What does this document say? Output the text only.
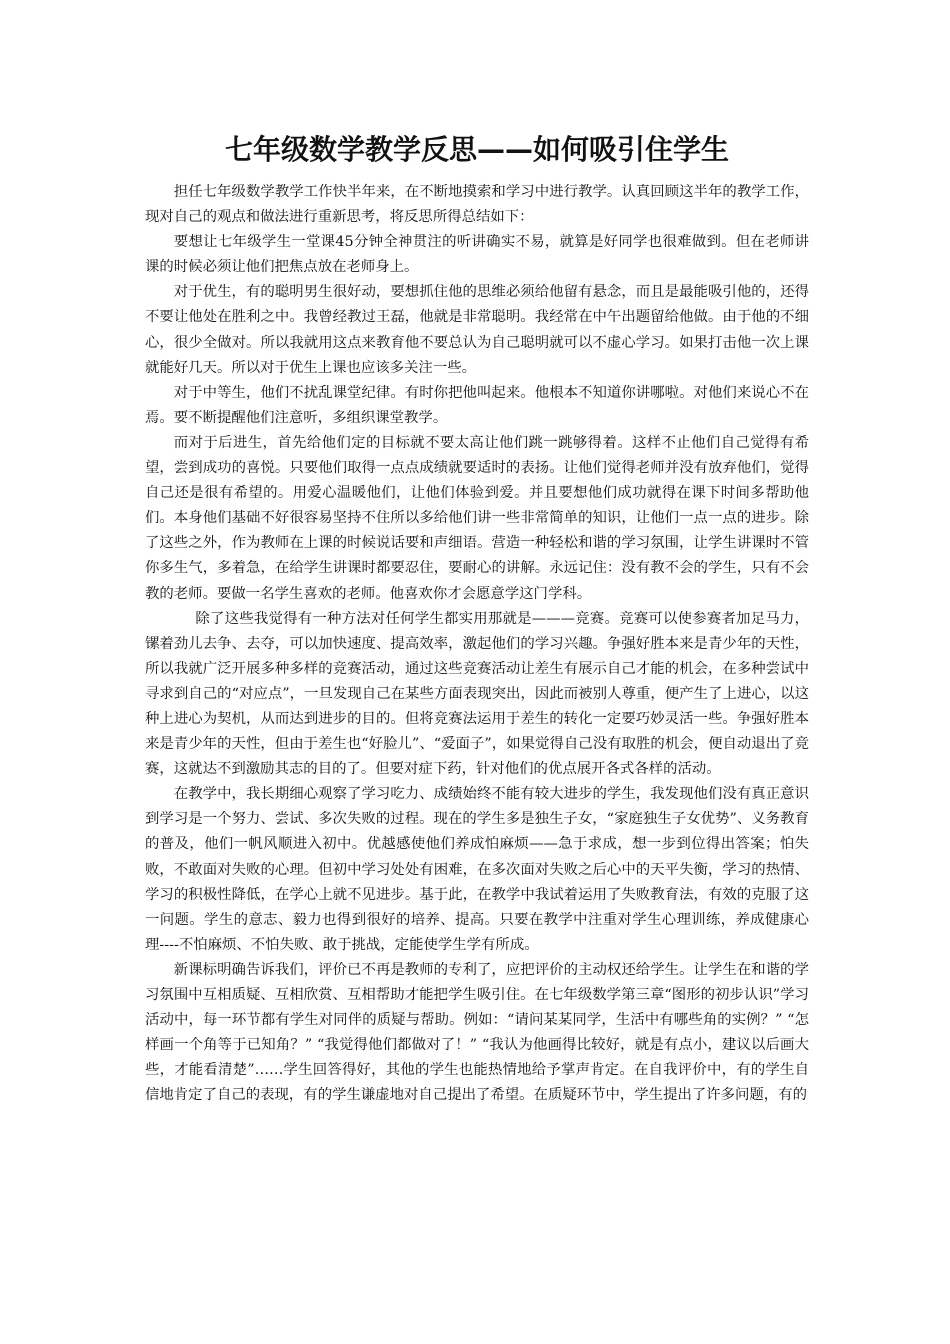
七年级数学教学反思——如何吸引住学生

担任七年级数学教学工作快半年来，在不断地摸索和学习中进行教学。认真回顾这半年的教学工作，现对自己的观点和做法进行重新思考，将反思所得总结如下：

要想让七年级学生一堂课45分钟全神贯注的听讲确实不易，就算是好同学也很难做到。但在老师讲课的时候必须让他们把焦点放在老师身上。

对于优生，有的聪明男生很好动，要想抓住他的思维必须给他留有悬念，而且是最能吸引他的，还得不要让他处在胜利之中。我曾经教过王磊，他就是非常聪明。我经常在中午出题留给他做。由于他的不细心，很少全做对。所以我就用这点来教育他不要总认为自己聪明就可以不虚心学习。如果打击他一次上课就能好几天。所以对于优生上课也应该多关注一些。

对于中等生，他们不扰乱课堂纪律。有时你把他叫起来。他根本不知道你讲哪啦。对他们来说心不在焉。要不断提醒他们注意听，多组织课堂教学。

而对于后进生，首先给他们定的目标就不要太高让他们跳一跳够得着。这样不止他们自己觉得有希望，尝到成功的喜悦。只要他们取得一点点成绩就要适时的表扬。让他们觉得老师并没有放弃他们，觉得自己还是很有希望的。用爱心温暖他们，让他们体验到爱。并且要想他们成功就得在课下时间多帮助他们。本身他们基础不好很容易坚持不住所以多给他们讲一些非常简单的知识，让他们一点一点的进步。除了这些之外，作为教师在上课的时候说话要和声细语。营造一种轻松和谐的学习氛围，让学生讲课时不管你多生气，多着急，在给学生讲课时都要忍住，要耐心的讲解。永远记住：没有教不会的学生，只有不会教的老师。要做一名学生喜欢的老师。他喜欢你才会愿意学这门学科。

除了这些我觉得有一种方法对任何学生都实用那就是———竞赛。竞赛可以使参赛者加足马力，镙着劲儿去争、去夺，可以加快速度、提高效率，激起他们的学习兴趣。争强好胜本来是青少年的天性，所以我就广泛开展多种多样的竞赛活动，通过这些竞赛活动让差生有展示自己才能的机会，在多种尝试中寻求到自己的“对应点”，一旦发现自己在某些方面表现突出，因此而被别人尊重，便产生了上进心，以这种上进心为契机，从而达到进步的目的。但将竞赛法运用于差生的转化一定要巧妙灵活一些。争强好胜本来是青少年的天性，但由于差生也“好脸儿”、“爱面子”，如果觉得自己没有取胜的机会，便自动退出了竞赛，这就达不到激励其志的目的了。但要对症下药，针对他们的优点展开各式各样的活动。

在教学中，我长期细心观察了学习吃力、成绩始终不能有较大进步的学生，我发现他们没有真正意识到学习是一个努力、尝试、多次失败的过程。现在的学生多是独生子女，“家庭独生子女优势”、义务教育的普及，他们一帆风顺进入初中。优越感使他们养成怕麻烦——急于求成，想一步到位得出答案；怕失败，不敢面对失败的心理。但初中学习处处有困难，在多次面对失败之后心中的天平失衡，学习的热情、学习的积极性降低，在学心上就不见进步。基于此，在教学中我试着运用了失败教育法，有效的克服了这一问题。学生的意志、毅力也得到很好的培养、提高。只要在教学中注重对学生心理训练，养成健康心理----不怕麻烦、不怕失败、敢于挑战，定能使学生学有所成。

新课标明确告诉我们，评价已不再是教师的专利了，应把评价的主动权还给学生。让学生在和谐的学习氛围中互相质疑、互相欣赏、互相帮助才能把学生吸引住。在七年级数学第三章“图形的初步认识”学习活动中，每一环节都有学生对同伴的质疑与帮助。例如：“请问某某同学，生活中有哪些角的实例？” “怎样画一个角等于已知角？” “我觉得他们都做对了！” “我认为他画得比较好，就是有点小，建议以后画大些，才能看清楚”……学生回答得好，其他的学生也能热情地给予掌声肯定。在自我评价中，有的学生自信地肯定了自己的表现，有的学生谦虚地对自己提出了希望。在质疑环节中，学生提出了许多问题，有的
